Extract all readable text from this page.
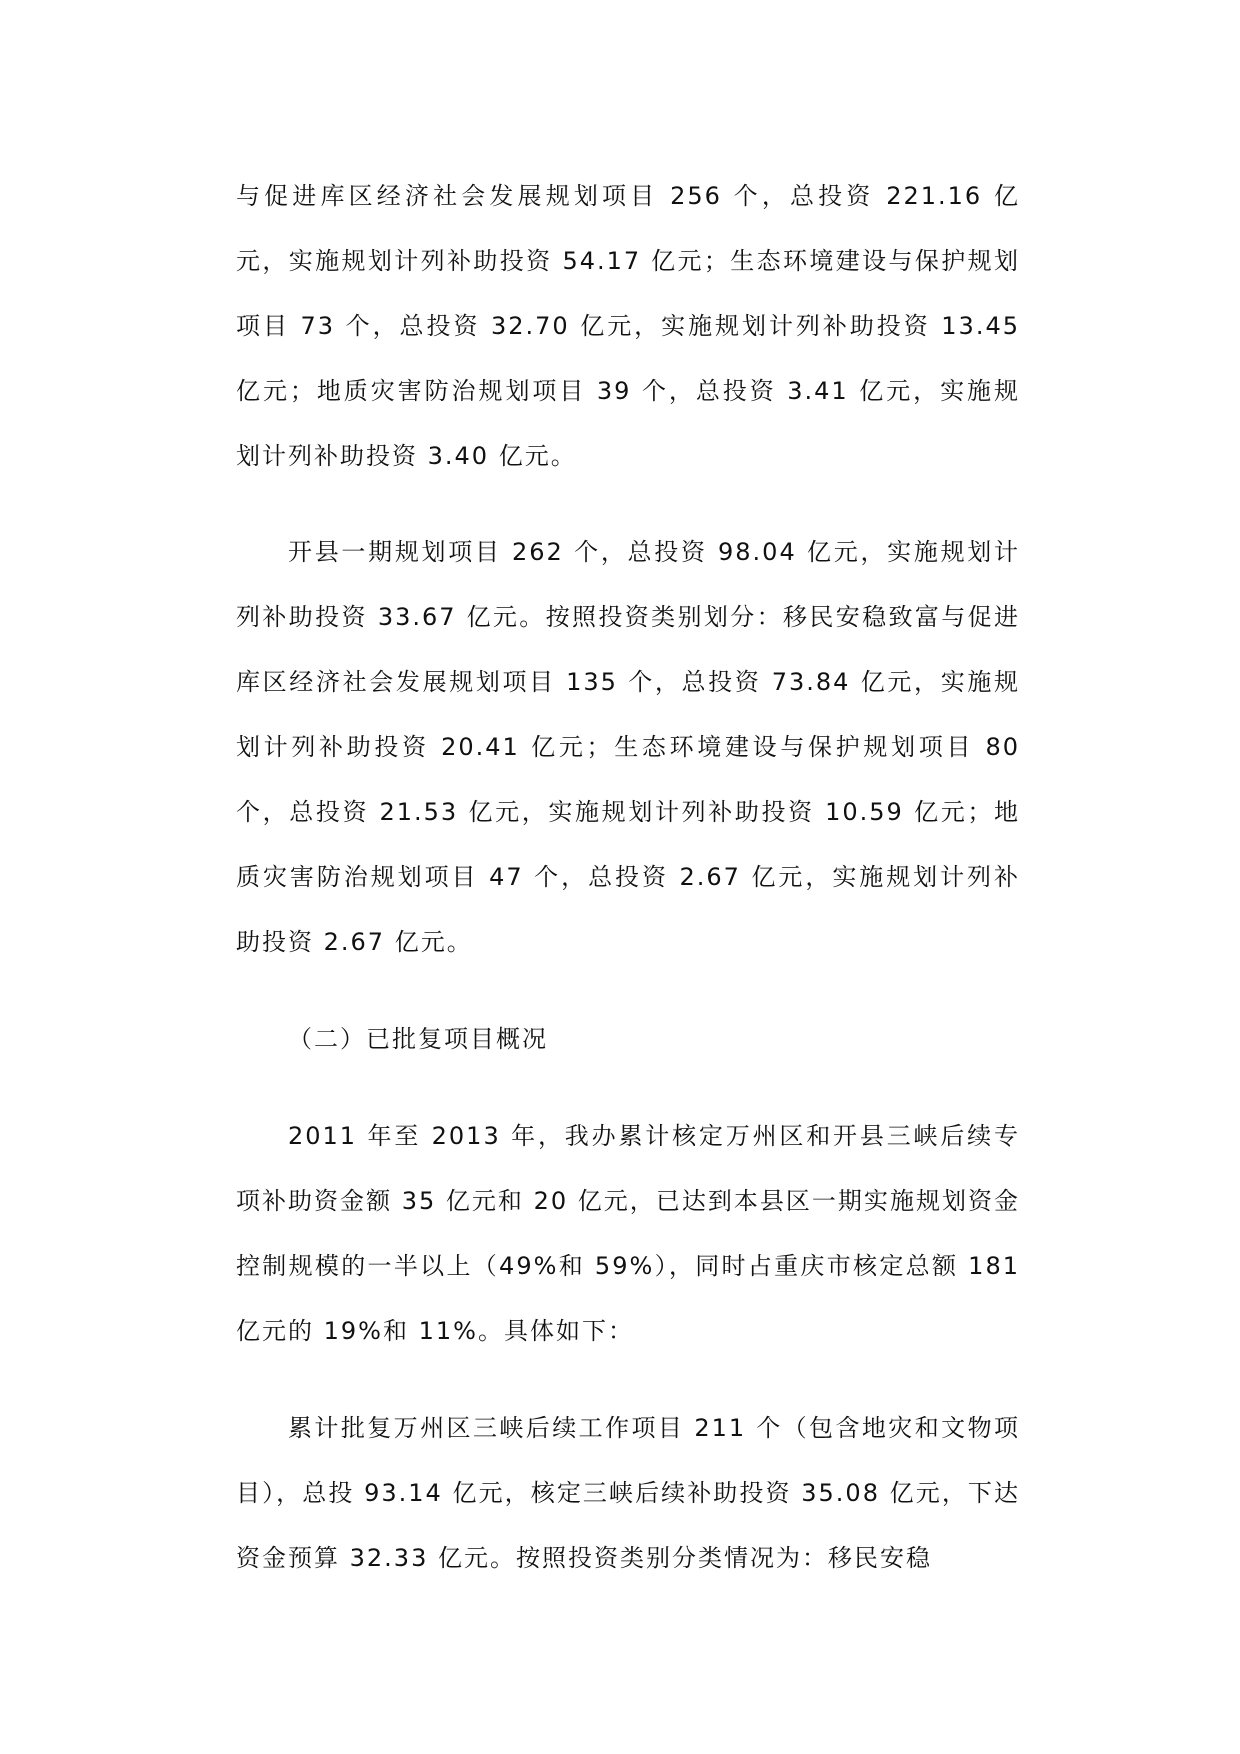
与促进库区经济社会发展规划项目 256 个，总投资 221.16 亿元，实施规划计列补助投资 54.17 亿元；生态环境建设与保护规划项目 73 个，总投资 32.70 亿元，实施规划计列补助投资 13.45 亿元；地质灾害防治规划项目 39 个，总投资 3.41 亿元，实施规划计列补助投资 3.40 亿元。

开县一期规划项目 262 个，总投资 98.04 亿元，实施规划计列补助投资 33.67 亿元。按照投资类别划分：移民安稳致富与促进库区经济社会发展规划项目 135 个，总投资 73.84 亿元，实施规划计列补助投资 20.41 亿元；生态环境建设与保护规划项目 80 个，总投资 21.53 亿元，实施规划计列补助投资 10.59 亿元；地质灾害防治规划项目 47 个，总投资 2.67 亿元，实施规划计列补助投资 2.67 亿元。

（二）已批复项目概况

2011 年至 2013 年，我办累计核定万州区和开县三峡后续专项补助资金额 35 亿元和 20 亿元，已达到本县区一期实施规划资金控制规模的一半以上（49%和 59%），同时占重庆市核定总额 181 亿元的 19%和 11%。具体如下：

累计批复万州区三峡后续工作项目 211 个（包含地灾和文物项目），总投 93.14 亿元，核定三峡后续补助投资 35.08 亿元，下达资金预算 32.33 亿元。按照投资类别分类情况为：移民安稳
